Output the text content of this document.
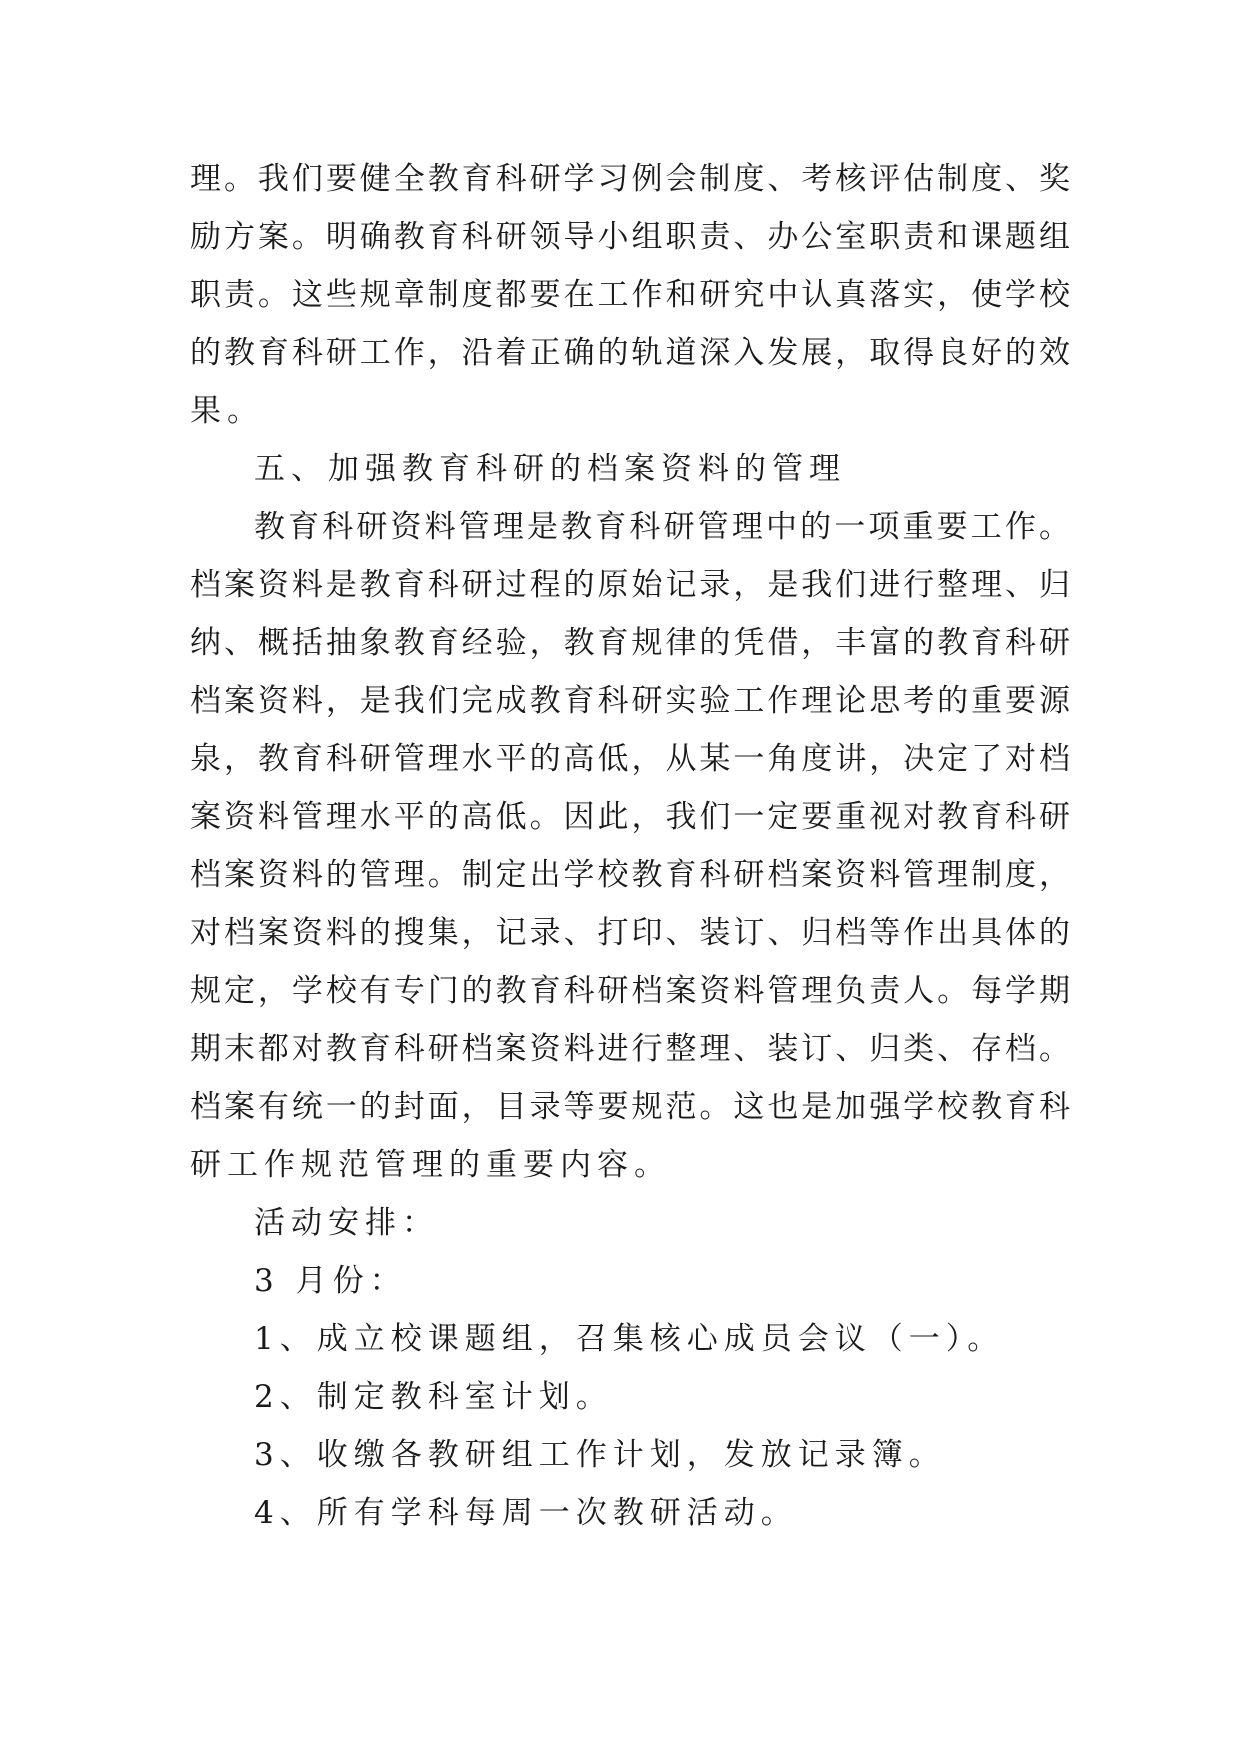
理。我们要健全教育科研学习例会制度、考核评估制度、奖
励方案。明确教育科研领导小组职责、办公室职责和课题组
职责。这些规章制度都要在工作和研究中认真落实，使学校
的教育科研工作，沿着正确的轨道深入发展，取得良好的效
果。
五、加强教育科研的档案资料的管理
教育科研资料管理是教育科研管理中的一项重要工作。
档案资料是教育科研过程的原始记录，是我们进行整理、归
纳、概括抽象教育经验，教育规律的凭借，丰富的教育科研
档案资料，是我们完成教育科研实验工作理论思考的重要源
泉，教育科研管理水平的高低，从某一角度讲，决定了对档
案资料管理水平的高低。因此，我们一定要重视对教育科研
档案资料的管理。制定出学校教育科研档案资料管理制度，
对档案资料的搜集，记录、打印、装订、归档等作出具体的
规定，学校有专门的教育科研档案资料管理负责人。每学期
期末都对教育科研档案资料进行整理、装订、归类、存档。
档案有统一的封面，目录等要规范。这也是加强学校教育科
研工作规范管理的重要内容。
活动安排：
3 月份：
1、成立校课题组，召集核心成员会议（一）。
2、制定教科室计划。
3、收缴各教研组工作计划，发放记录簿。
4、所有学科每周一次教研活动。
